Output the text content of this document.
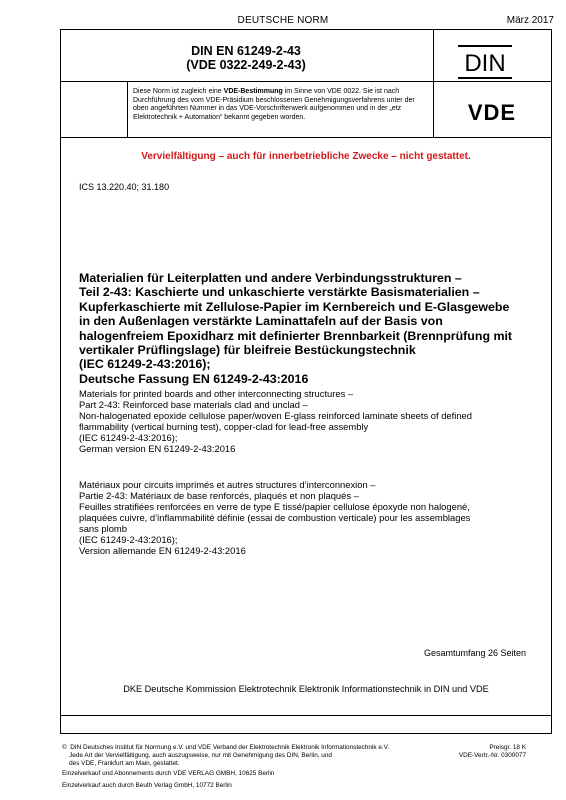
DEUTSCHE NORM	März 2017
DIN EN 61249-2-43
(VDE 0322-249-2-43)	DIN
Diese Norm ist zugleich eine VDE-Bestimmung im Sinne von VDE 0022. Sie ist nach Durchführung des vom VDE-Präsidium beschlossenen Genehmigungsverfahrens unter der oben angeführten Nummer in das VDE-Vorschriftenwerk aufgenommen und in der „etz Elektrotechnik + Automation“ bekannt gegeben worden.	VDE
Vervielfältigung – auch für innerbetriebliche Zwecke – nicht gestattet.
ICS 13.220.40; 31.180
Materialien für Leiterplatten und andere Verbindungsstrukturen –
Teil 2-43: Kaschierte und unkaschierte verstärkte Basismaterialien –
Kupferkaschierte mit Zellulose-Papier im Kernbereich und E-Glasgewebe
in den Außenlagen verstärkte Laminattafeln auf der Basis von
halogenfreiem Epoxidharz mit definierter Brennbarkeit (Brennprüfung mit
vertikaler Prüflingslage) für bleifreie Bestückungstechnik
(IEC 61249-2-43:2016);
Deutsche Fassung EN 61249-2-43:2016
Materials for printed boards and other interconnecting structures –
Part 2-43: Reinforced base materials clad and unclad –
Non-halogenated epoxide cellulose paper/woven E-glass reinforced laminate sheets of defined
flammability (vertical burning test), copper-clad for lead-free assembly
(IEC 61249-2-43:2016);
German version EN 61249-2-43:2016
Matériaux pour circuits imprimés et autres structures d’interconnexion –
Partie 2-43: Matériaux de base renforcés, plaqués et non plaqués –
Feuilles stratifiées renforcées en verre de type E tissé/papier cellulose époxyde non halogené,
plaquées cuivre, d’inflammabilité définie (essai de combustion verticale) pour les assemblages
sans plomb
(IEC 61249-2-43:2016);
Version allemande EN 61249-2-43:2016
Gesamtumfang 26 Seiten
DKE Deutsche Kommission Elektrotechnik Elektronik Informationstechnik in DIN und VDE
©  DIN Deutsches Institut für Normung e.V. und VDE Verband der Elektrotechnik Elektronik Informationstechnik e.V.
Jede Art der Vervielfältigung, auch auszugsweise, nur mit Genehmigung des DIN, Berlin, und
des VDE, Frankfurt am Main, gestattet.
Preisgr. 18 K
VDE-Vertr.-Nr. 0300077
Einzelverkauf und Abonnements durch VDE VERLAG GMBH, 10625 Berlin
Einzelverkauf auch durch Beuth Verlag GmbH, 10772 Berlin
